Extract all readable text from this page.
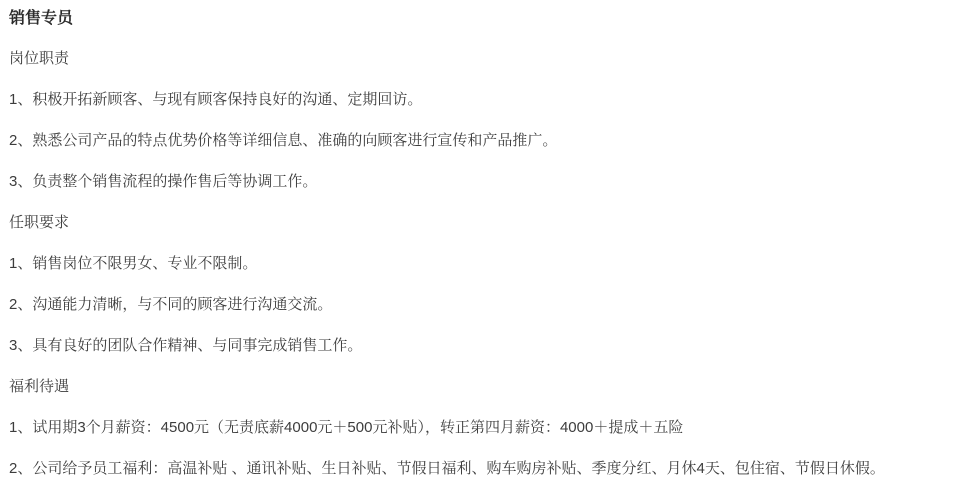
销售专员

岗位职责

1、积极开拓新顾客、与现有顾客保持良好的沟通、定期回访。

2、熟悉公司产品的特点优势价格等详细信息、准确的向顾客进行宣传和产品推广。

3、负责整个销售流程的操作售后等协调工作。

任职要求

1、销售岗位不限男女、专业不限制。

2、沟通能力清晰，与不同的顾客进行沟通交流。

3、具有良好的团队合作精神、与同事完成销售工作。

福利待遇

1、试用期3个月薪资：4500元（无责底薪4000元＋500元补贴），转正第四月薪资：4000＋提成＋五险

2、公司给予员工福利：高温补贴 、通讯补贴、生日补贴、节假日福利、购车购房补贴、季度分红、月休4天、包住宿、节假日休假。
